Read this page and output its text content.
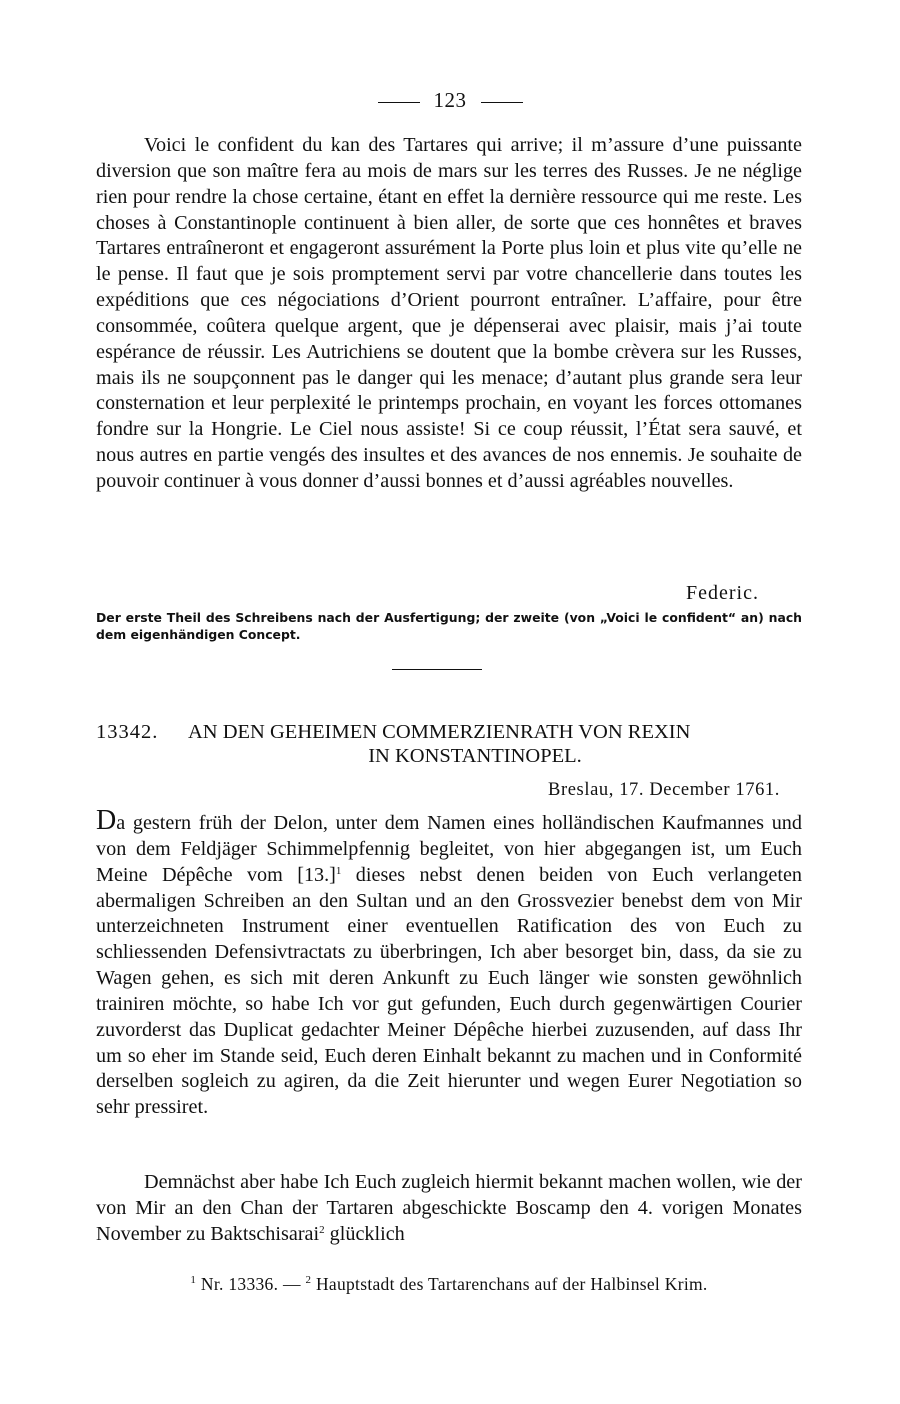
123

Voici le confident du kan des Tartares qui arrive; il m’assure d’une puissante diversion que son maître fera au mois de mars sur les terres des Russes. Je ne néglige rien pour rendre la chose certaine, étant en effet la dernière ressource qui me reste. Les choses à Constantinople continuent à bien aller, de sorte que ces honnêtes et braves Tartares entraîneront et engageront assurément la Porte plus loin et plus vite qu’elle ne le pense. Il faut que je sois promptement servi par votre chancellerie dans toutes les expéditions que ces négociations d’Orient pourront entraîner. L’affaire, pour être consommée, coûtera quelque argent, que je dépenserai avec plaisir, mais j’ai toute espérance de réussir. Les Autrichiens se doutent que la bombe crèvera sur les Russes, mais ils ne soupçonnent pas le danger qui les menace; d’autant plus grande sera leur consternation et leur perplexité le printemps prochain, en voyant les forces ottomanes fondre sur la Hongrie. Le Ciel nous assiste! Si ce coup réussit, l’État sera sauvé, et nous autres en partie vengés des insultes et des avances de nos ennemis. Je souhaite de pouvoir continuer à vous donner d’aussi bonnes et d’aussi agréables nouvelles.

Federic.
Der erste Theil des Schreibens nach der Ausfertigung; der zweite (von „Voici le confident“ an) nach dem eigenhändigen Concept.
13342. AN DEN GEHEIMEN COMMERZIENRATH VON REXIN
IN KONSTANTINOPEL.
Breslau, 17. December 1761.

Da gestern früh der Delon, unter dem Namen eines holländischen Kaufmannes und von dem Feldjäger Schimmelpfennig begleitet, von hier abgegangen ist, um Euch Meine Dépêche vom $[13.]^1$ dieses nebst denen beiden von Euch verlangeten abermaligen Schreiben an den Sultan und an den Grossvezier benebst dem von Mir unterzeichneten Instrument einer eventuellen Ratification des von Euch zu schliessenden Defensivtractats zu überbringen, Ich aber besorget bin, dass, da sie zu Wagen gehen, es sich mit deren Ankunft zu Euch länger wie sonsten gewöhnlich trainiren möchte, so habe Ich vor gut gefunden, Euch durch gegenwärtigen Courier zuvorderst das Duplicat gedachter Meiner Dépêche hierbei zuzusenden, auf dass Ihr um so eher im Stande seid, Euch deren Einhalt bekannt zu machen und in Conformité derselben sogleich zu agiren, da die Zeit hierunter und wegen Eurer Negotiation so sehr pressiret.

Demnächst aber habe Ich Euch zugleich hiermit bekannt machen wollen, wie der von Mir an den Chan der Tartaren abgeschickte Boscamp den 4. vorigen Monates November zu Baktschisarai$^2$ glücklich

$^1$ Nr. 13336. — $^2$ Hauptstadt des Tartarenchans auf der Halbinsel Krim.
